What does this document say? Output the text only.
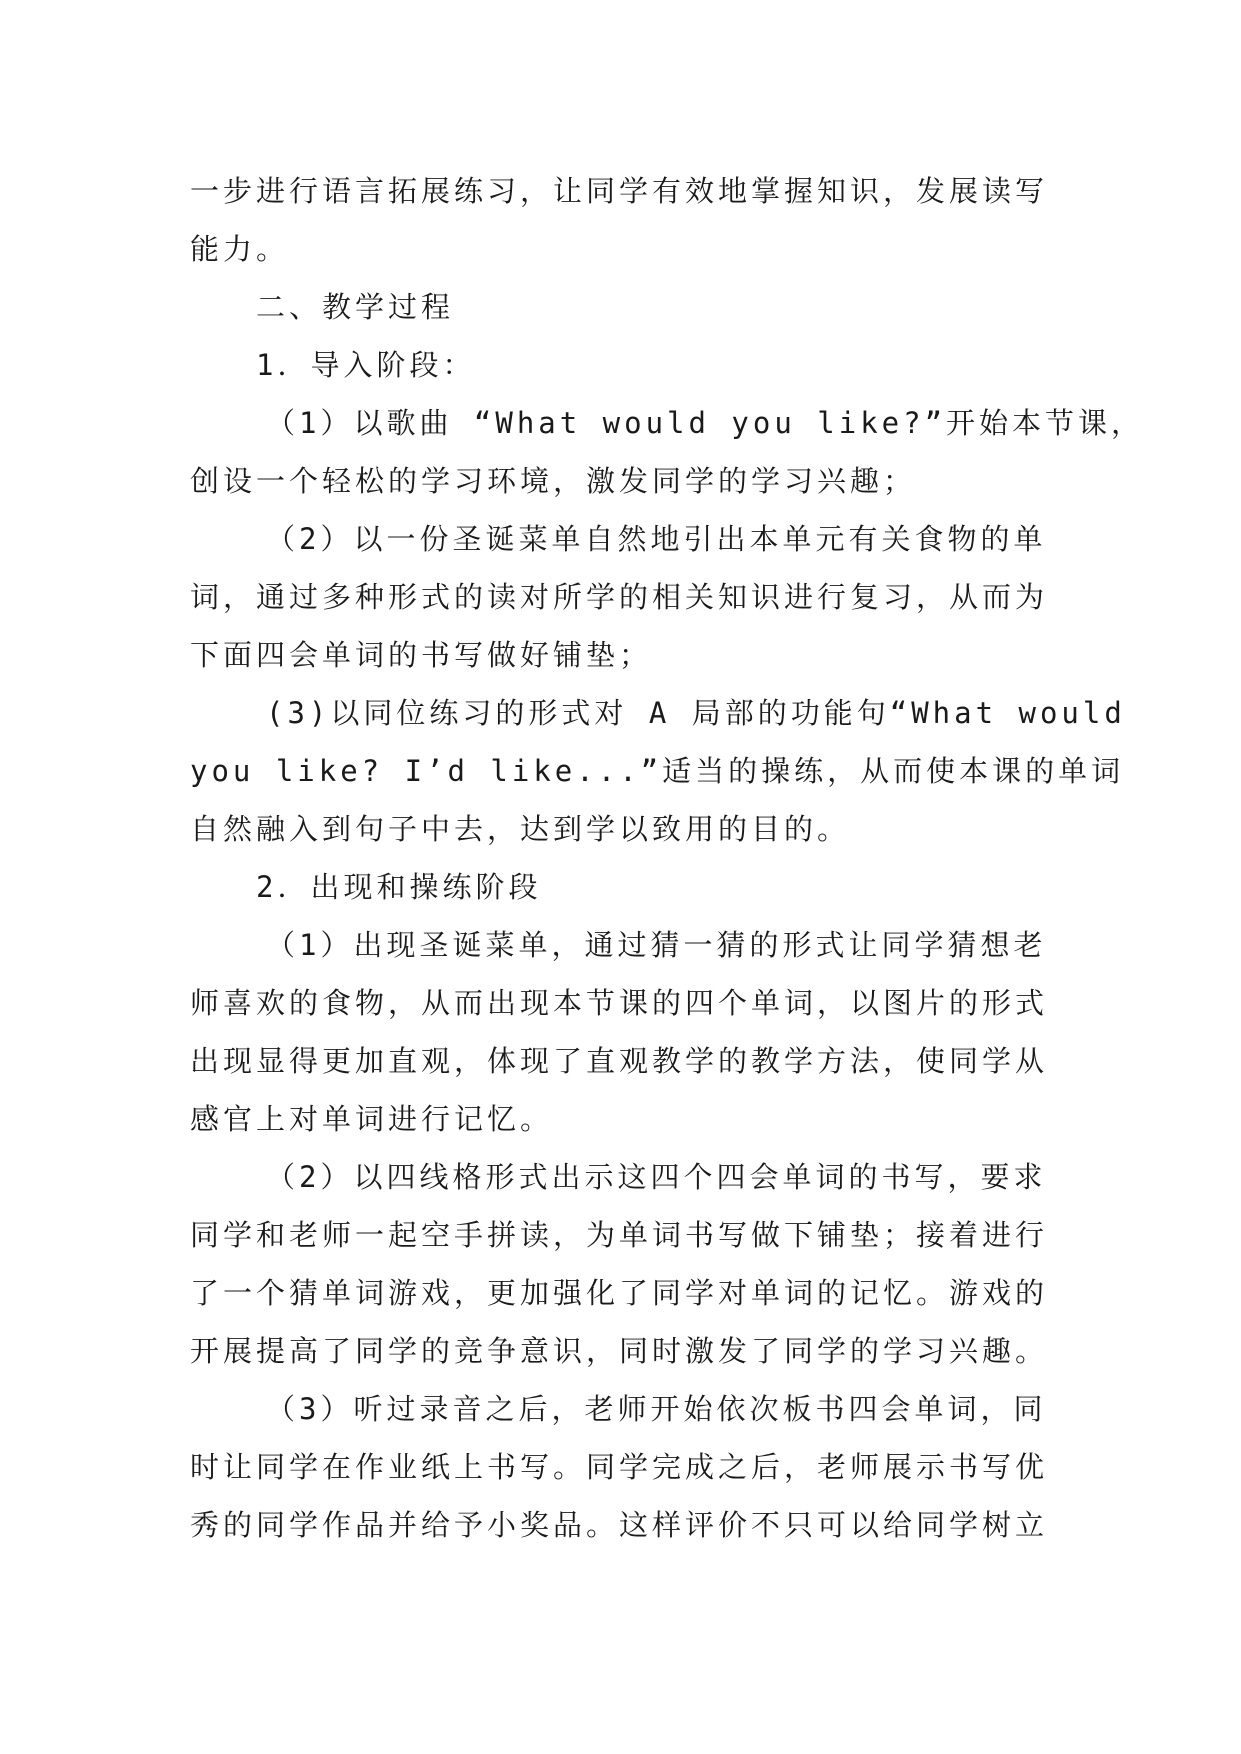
一步进行语言拓展练习，让同学有效地掌握知识，发展读写
能力。
二、教学过程
1．导入阶段：
（1）以歌曲 “What would you like?”开始本节课，
创设一个轻松的学习环境，激发同学的学习兴趣；
（2）以一份圣诞菜单自然地引出本单元有关食物的单
词，通过多种形式的读对所学的相关知识进行复习，从而为
下面四会单词的书写做好铺垫；
(3)以同位练习的形式对 A 局部的功能句“What would
you like? I’d like...”适当的操练，从而使本课的单词
自然融入到句子中去，达到学以致用的目的。
2．出现和操练阶段
（1）出现圣诞菜单，通过猜一猜的形式让同学猜想老
师喜欢的食物，从而出现本节课的四个单词，以图片的形式
出现显得更加直观，体现了直观教学的教学方法，使同学从
感官上对单词进行记忆。
（2）以四线格形式出示这四个四会单词的书写，要求
同学和老师一起空手拼读，为单词书写做下铺垫；接着进行
了一个猜单词游戏，更加强化了同学对单词的记忆。游戏的
开展提高了同学的竞争意识，同时激发了同学的学习兴趣。
（3）听过录音之后，老师开始依次板书四会单词，同
时让同学在作业纸上书写。同学完成之后，老师展示书写优
秀的同学作品并给予小奖品。这样评价不只可以给同学树立
